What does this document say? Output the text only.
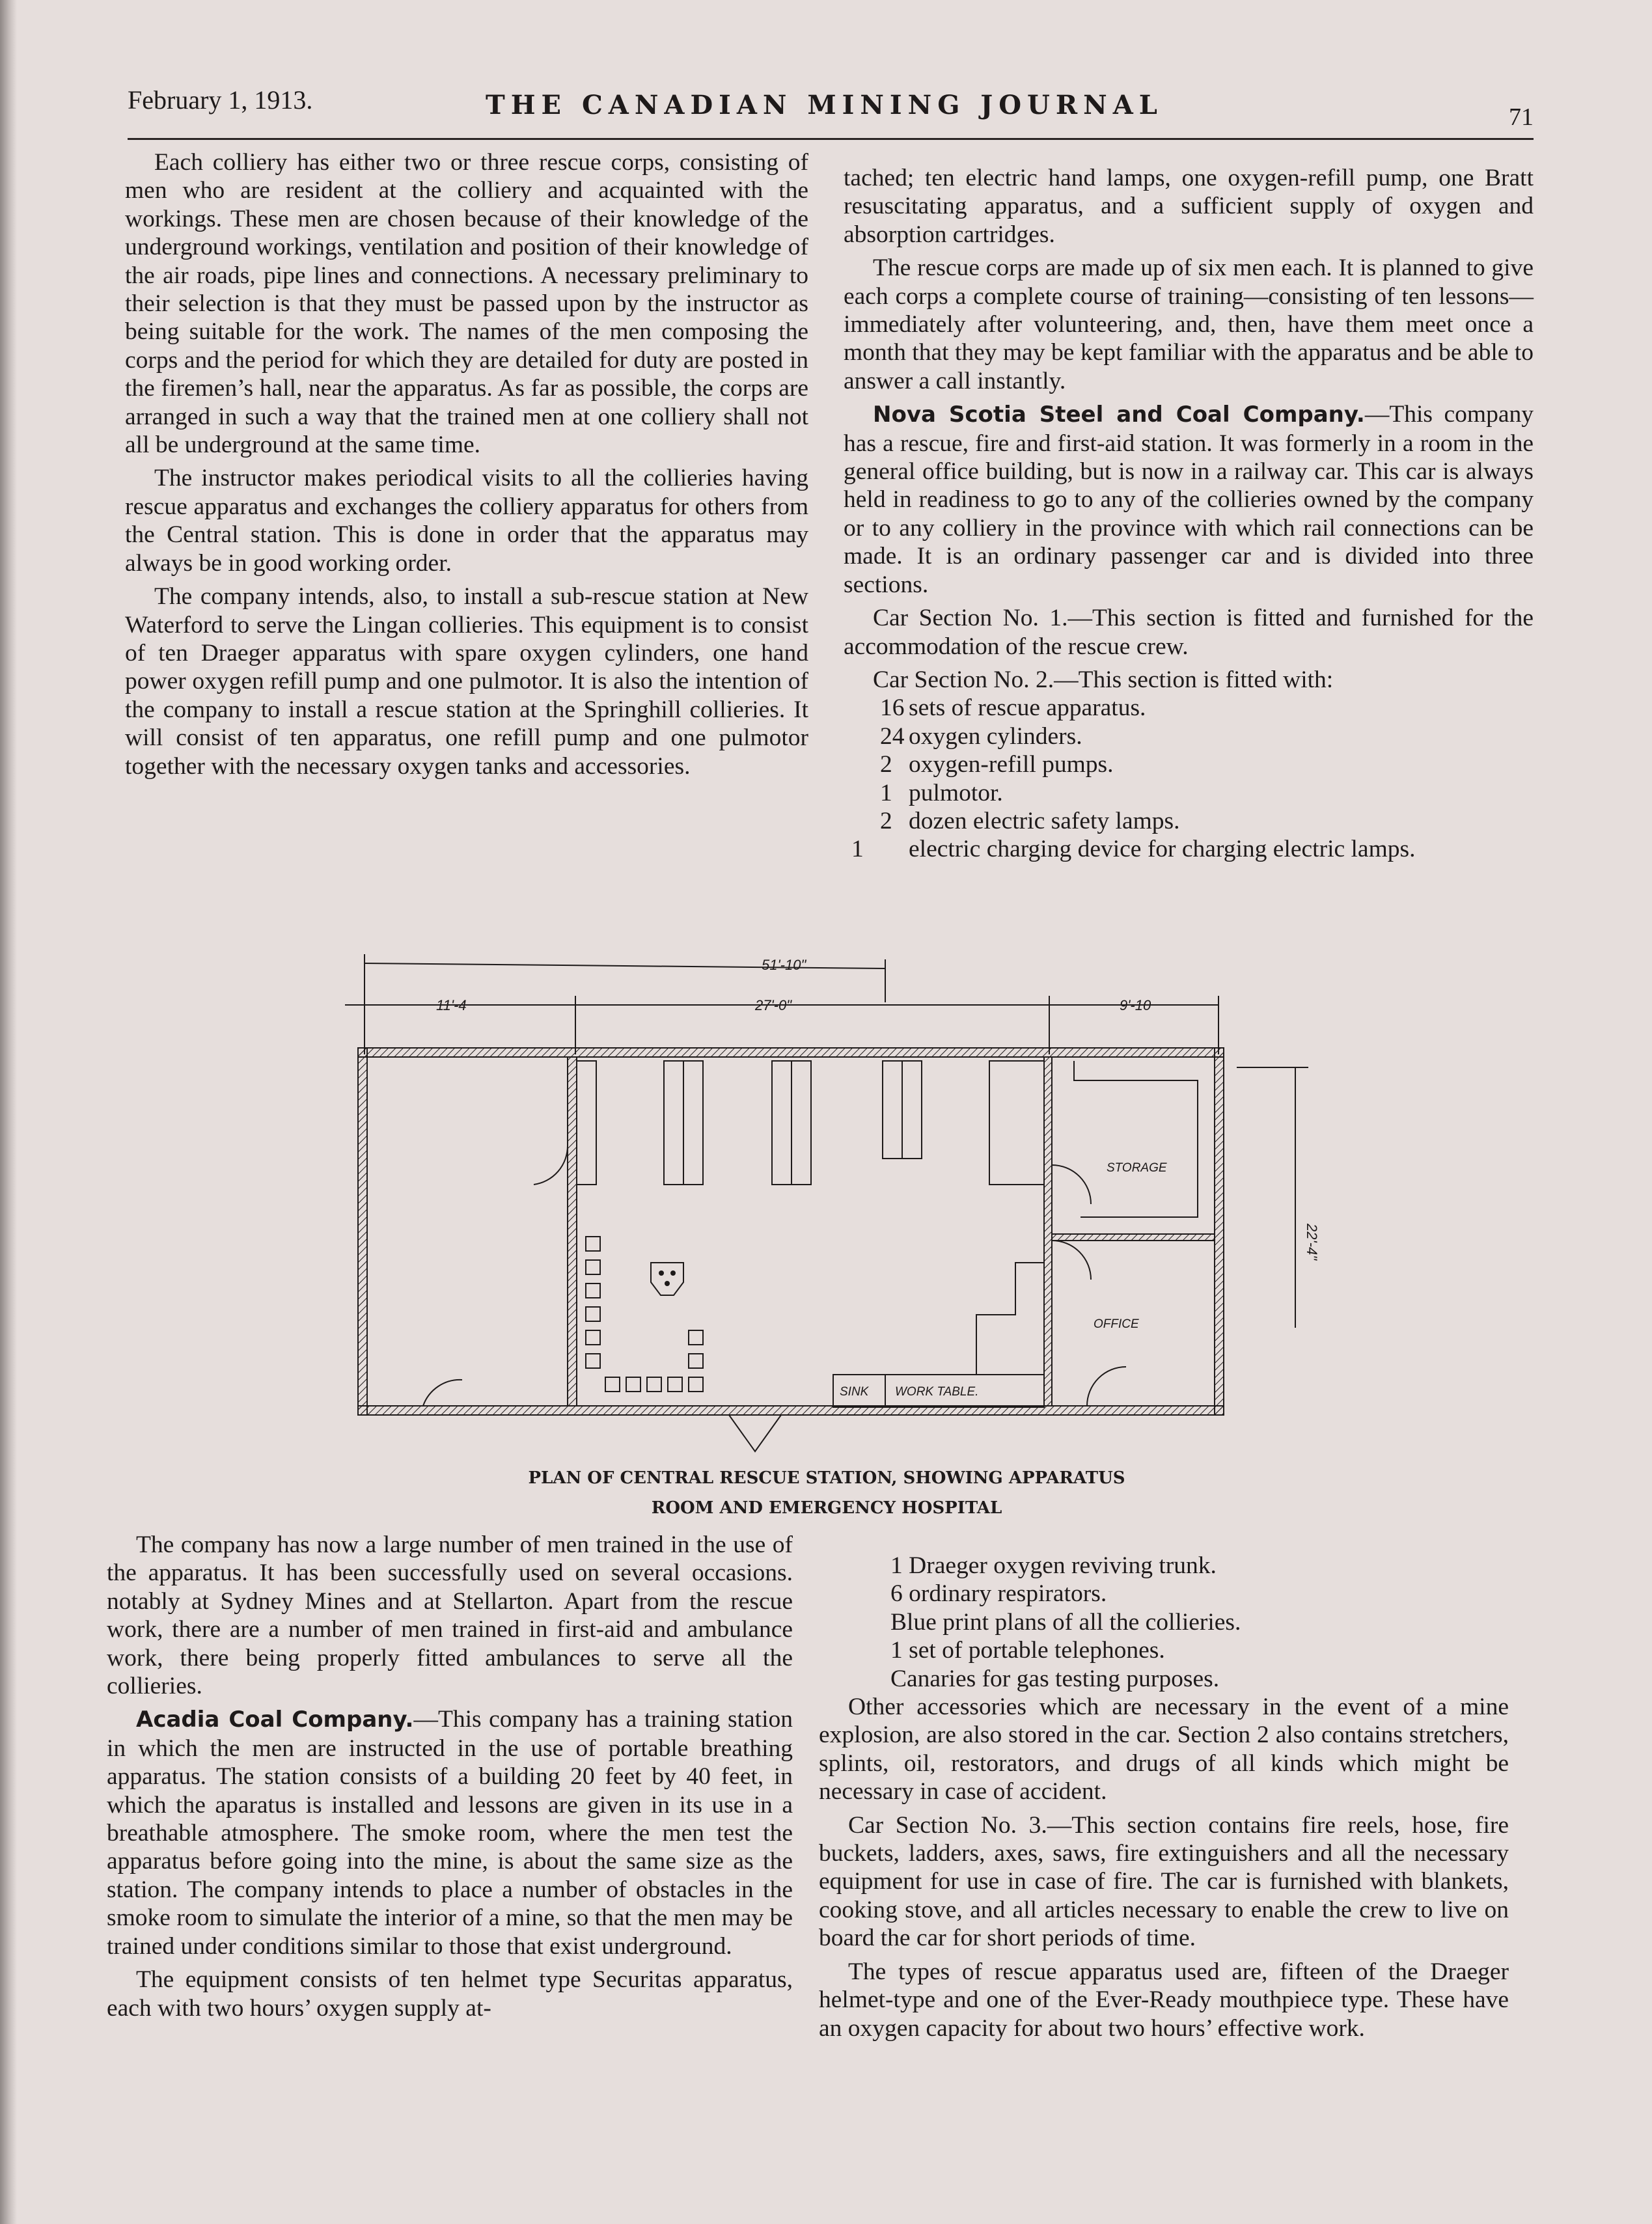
February 1, 1913.	THE CANADIAN MINING JOURNAL	71

Each colliery has either two or three rescue corps, consisting of men who are resident at the colliery and acquainted with the workings. These men are chosen because of their knowledge of the underground workings, ventilation and position of their knowledge of the air roads, pipe lines and connections. A necessary preliminary to their selection is that they must be passed upon by the instructor as being suitable for the work. The names of the men composing the corps and the period for which they are detailed for duty are posted in the firemen’s hall, near the apparatus. As far as possible, the corps are arranged in such a way that the trained men at one colliery shall not all be underground at the same time.

The instructor makes periodical visits to all the collieries having rescue apparatus and exchanges the colliery apparatus for others from the Central station. This is done in order that the apparatus may always be in good working order.

The company intends, also, to install a sub-rescue station at New Waterford to serve the Lingan collieries. This equipment is to consist of ten Draeger apparatus with spare oxygen cylinders, one hand power oxygen refill pump and one pulmotor. It is also the intention of the company to install a rescue station at the Springhill collieries. It will consist of ten apparatus, one refill pump and one pulmotor together with the necessary oxygen tanks and accessories.

tached; ten electric hand lamps, one oxygen-refill pump, one Bratt resuscitating apparatus, and a sufficient supply of oxygen and absorption cartridges.

The rescue corps are made up of six men each. It is planned to give each corps a complete course of training—consisting of ten lessons—immediately after volunteering, and, then, have them meet once a month that they may be kept familiar with the apparatus and be able to answer a call instantly.

Nova Scotia Steel and Coal Company.—This company has a rescue, fire and first-aid station. It was formerly in a room in the general office building, but is now in a railway car. This car is always held in readiness to go to any of the collieries owned by the company or to any colliery in the province with which rail connections can be made. It is an ordinary passenger car and is divided into three sections.

Car Section No. 1.—This section is fitted and furnished for the accommodation of the rescue crew.

Car Section No. 2.—This section is fitted with:

16 sets of rescue apparatus.
24 oxygen cylinders.
2 oxygen-refill pumps.
1 pulmotor.
2 dozen electric safety lamps.
1 electric charging device for charging electric lamps.
51'-10"
11'-4	27'-0"	9'-10
22'-4"
STORAGE
OFFICE
SINK WORK TABLE.
PLAN OF CENTRAL RESCUE STATION, SHOWING APPARATUS
ROOM AND EMERGENCY HOSPITAL

The company has now a large number of men trained in the use of the apparatus. It has been successfully used on several occasions. notably at Sydney Mines and at Stellarton. Apart from the rescue work, there are a number of men trained in first-aid and ambulance work, there being properly fitted ambulances to serve all the collieries.

Acadia Coal Company.—This company has a training station in which the men are instructed in the use of portable breathing apparatus. The station consists of a building 20 feet by 40 feet, in which the aparatus is installed and lessons are given in its use in a breathable atmosphere. The smoke room, where the men test the apparatus before going into the mine, is about the same size as the station. The company intends to place a number of obstacles in the smoke room to simulate the interior of a mine, so that the men may be trained under conditions similar to those that exist underground.

The equipment consists of ten helmet type Securitas apparatus, each with two hours’ oxygen supply at-

1 Draeger oxygen reviving trunk.
6 ordinary respirators.
Blue print plans of all the collieries.
1 set of portable telephones.
Canaries for gas testing purposes.

Other accessories which are necessary in the event of a mine explosion, are also stored in the car. Section 2 also contains stretchers, splints, oil, restorators, and drugs of all kinds which might be necessary in case of accident.

Car Section No. 3.—This section contains fire reels, hose, fire buckets, ladders, axes, saws, fire extinguishers and all the necessary equipment for use in case of fire. The car is furnished with blankets, cooking stove, and all articles necessary to enable the crew to live on board the car for short periods of time.

The types of rescue apparatus used are, fifteen of the Draeger helmet-type and one of the Ever-Ready mouthpiece type. These have an oxygen capacity for about two hours’ effective work.
